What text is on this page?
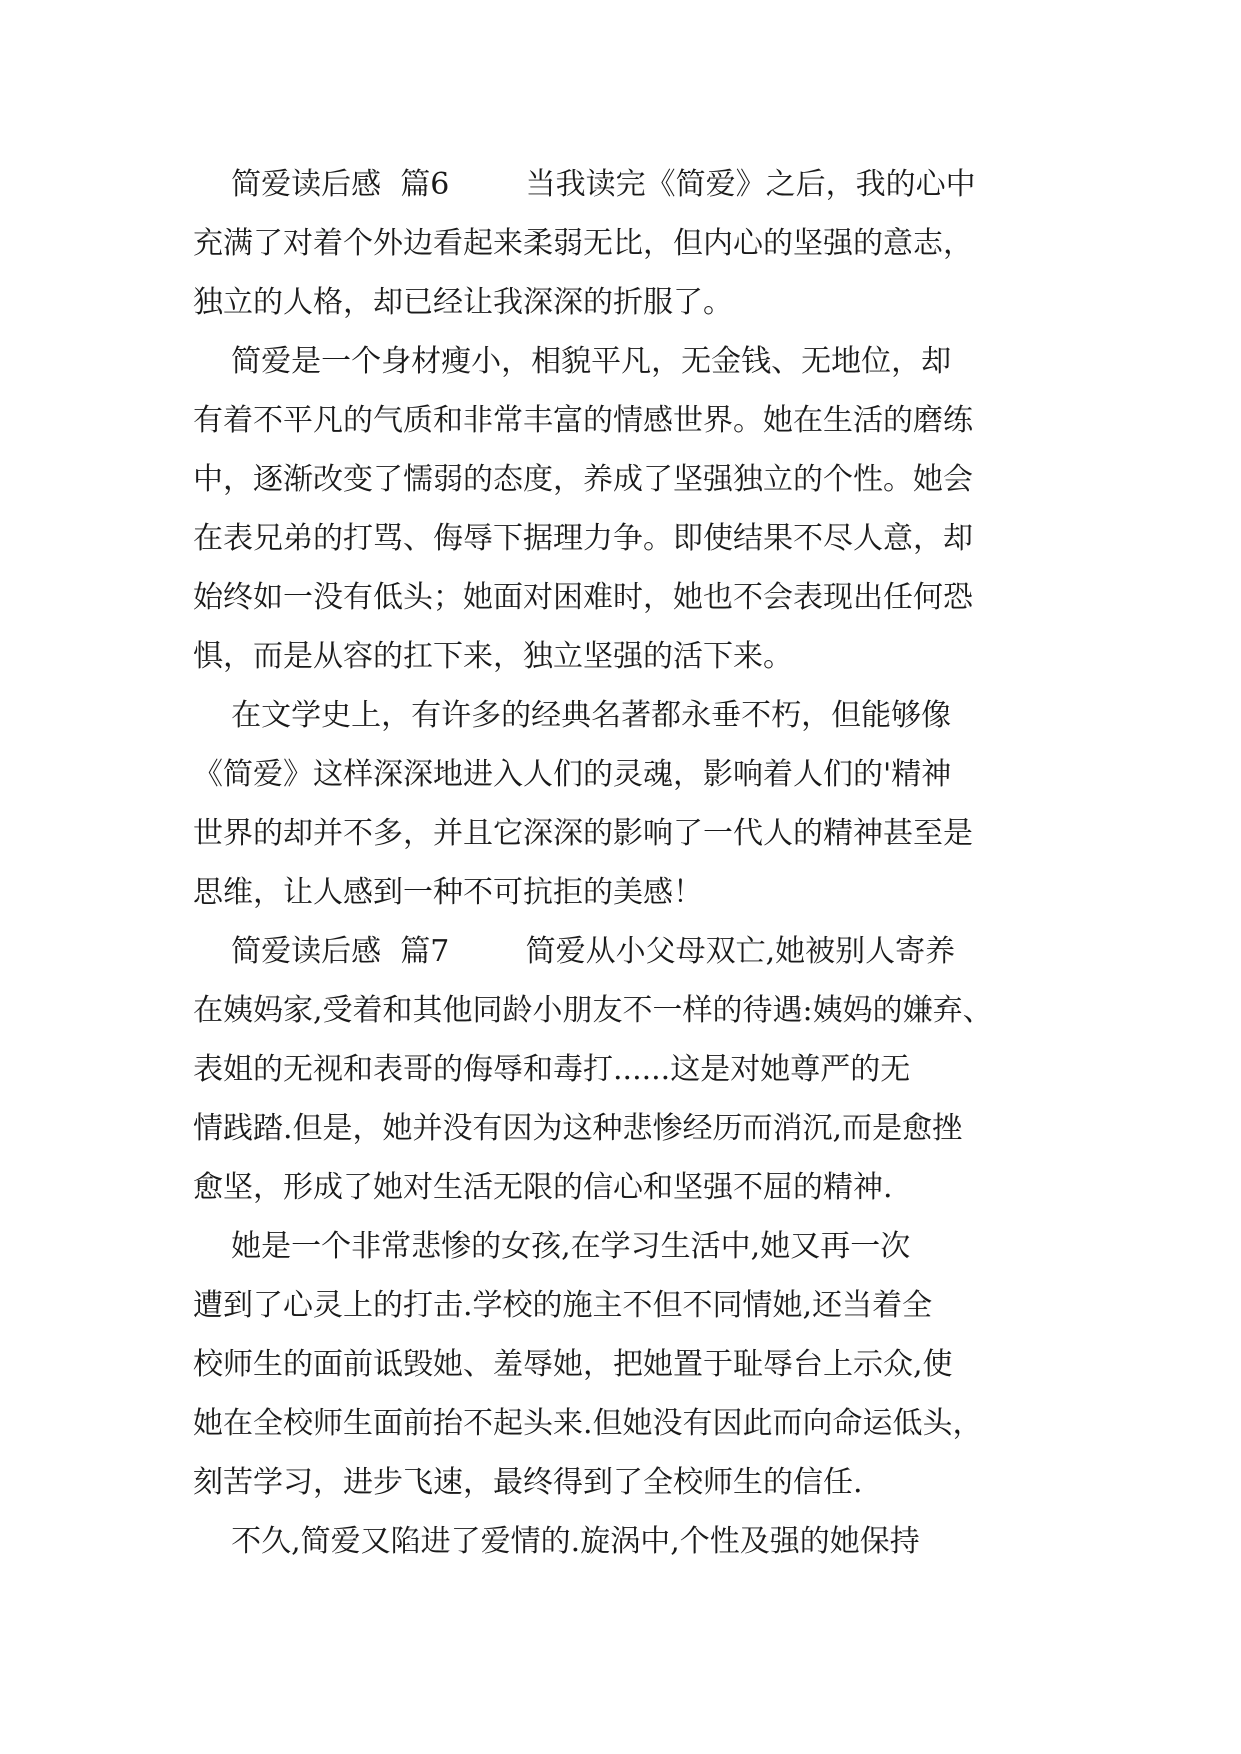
简爱读后感  篇6        当我读完《简爱》之后，我的心中
充满了对着个外边看起来柔弱无比，但内心的坚强的意志，
独立的人格，却已经让我深深的折服了。
简爱是一个身材瘦小，相貌平凡，无金钱、无地位，却
有着不平凡的气质和非常丰富的情感世界。她在生活的磨练
中，逐渐改变了懦弱的态度，养成了坚强独立的个性。她会
在表兄弟的打骂、侮辱下据理力争。即使结果不尽人意，却
始终如一没有低头；她面对困难时，她也不会表现出任何恐
惧，而是从容的扛下来，独立坚强的活下来。
在文学史上，有许多的经典名著都永垂不朽，但能够像
《简爱》这样深深地进入人们的灵魂，影响着人们的'精神
世界的却并不多，并且它深深的影响了一代人的精神甚至是
思维，让人感到一种不可抗拒的美感！
简爱读后感  篇7        简爱从小父母双亡,她被别人寄养
在姨妈家,受着和其他同龄小朋友不一样的待遇:姨妈的嫌弃、
表姐的无视和表哥的侮辱和毒打......这是对她尊严的无
情践踏.但是，她并没有因为这种悲惨经历而消沉,而是愈挫
愈坚，形成了她对生活无限的信心和坚强不屈的精神.
她是一个非常悲惨的女孩,在学习生活中,她又再一次
遭到了心灵上的打击.学校的施主不但不同情她,还当着全
校师生的面前诋毁她、羞辱她，把她置于耻辱台上示众,使
她在全校师生面前抬不起头来.但她没有因此而向命运低头，
刻苦学习，进步飞速，最终得到了全校师生的信任.
不久,简爱又陷进了爱情的.旋涡中,个性及强的她保持
